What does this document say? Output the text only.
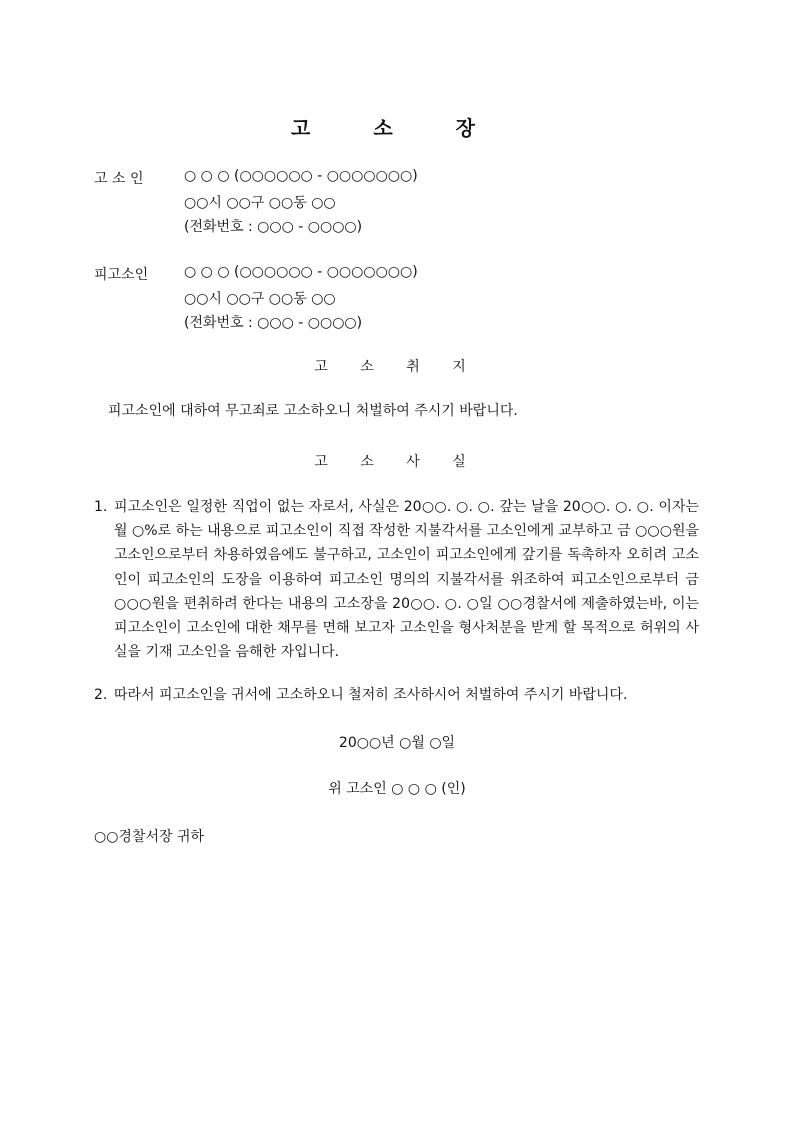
고 소 장
고 소 인	○ ○ ○ (○○○○○○ - ○○○○○○○)
○○시 ○○구 ○○동 ○○
(전화번호 : ○○○ - ○○○○)
피고소인	○ ○ ○ (○○○○○○ - ○○○○○○○)
○○시 ○○구 ○○동 ○○
(전화번호 : ○○○ - ○○○○)
고 소 취 지
피고소인에 대하여 무고죄로 고소하오니 처벌하여 주시기 바랍니다.
고 소 사 실
1. 피고소인은 일정한 직업이 없는 자로서, 사실은 20○○. ○. ○. 갚는 날을 20○○. ○. ○. 이자는 월 ○%로 하는 내용으로 피고소인이 직접 작성한 지불각서를 고소인에게 교부하고 금 ○○○원을 고소인으로부터 차용하였음에도 불구하고, 고소인이 피고소인에게 갚기를 독촉하자 오히려 고소인이 피고소인의 도장을 이용하여 피고소인 명의의 지불각서를 위조하여 피고소인으로부터 금 ○○○원을 편취하려 한다는 내용의 고소장을 20○○. ○. ○일 ○○경찰서에 제출하였는바, 이는 피고소인이 고소인에 대한 채무를 면해 보고자 고소인을 형사처분을 받게 할 목적으로 허위의 사실을 기재 고소인을 음해한 자입니다.
2. 따라서 피고소인을 귀서에 고소하오니 철저히 조사하시어 처벌하여 주시기 바랍니다.
20○○년 ○월 ○일
위 고소인 ○ ○ ○ (인)
○○경찰서장 귀하
